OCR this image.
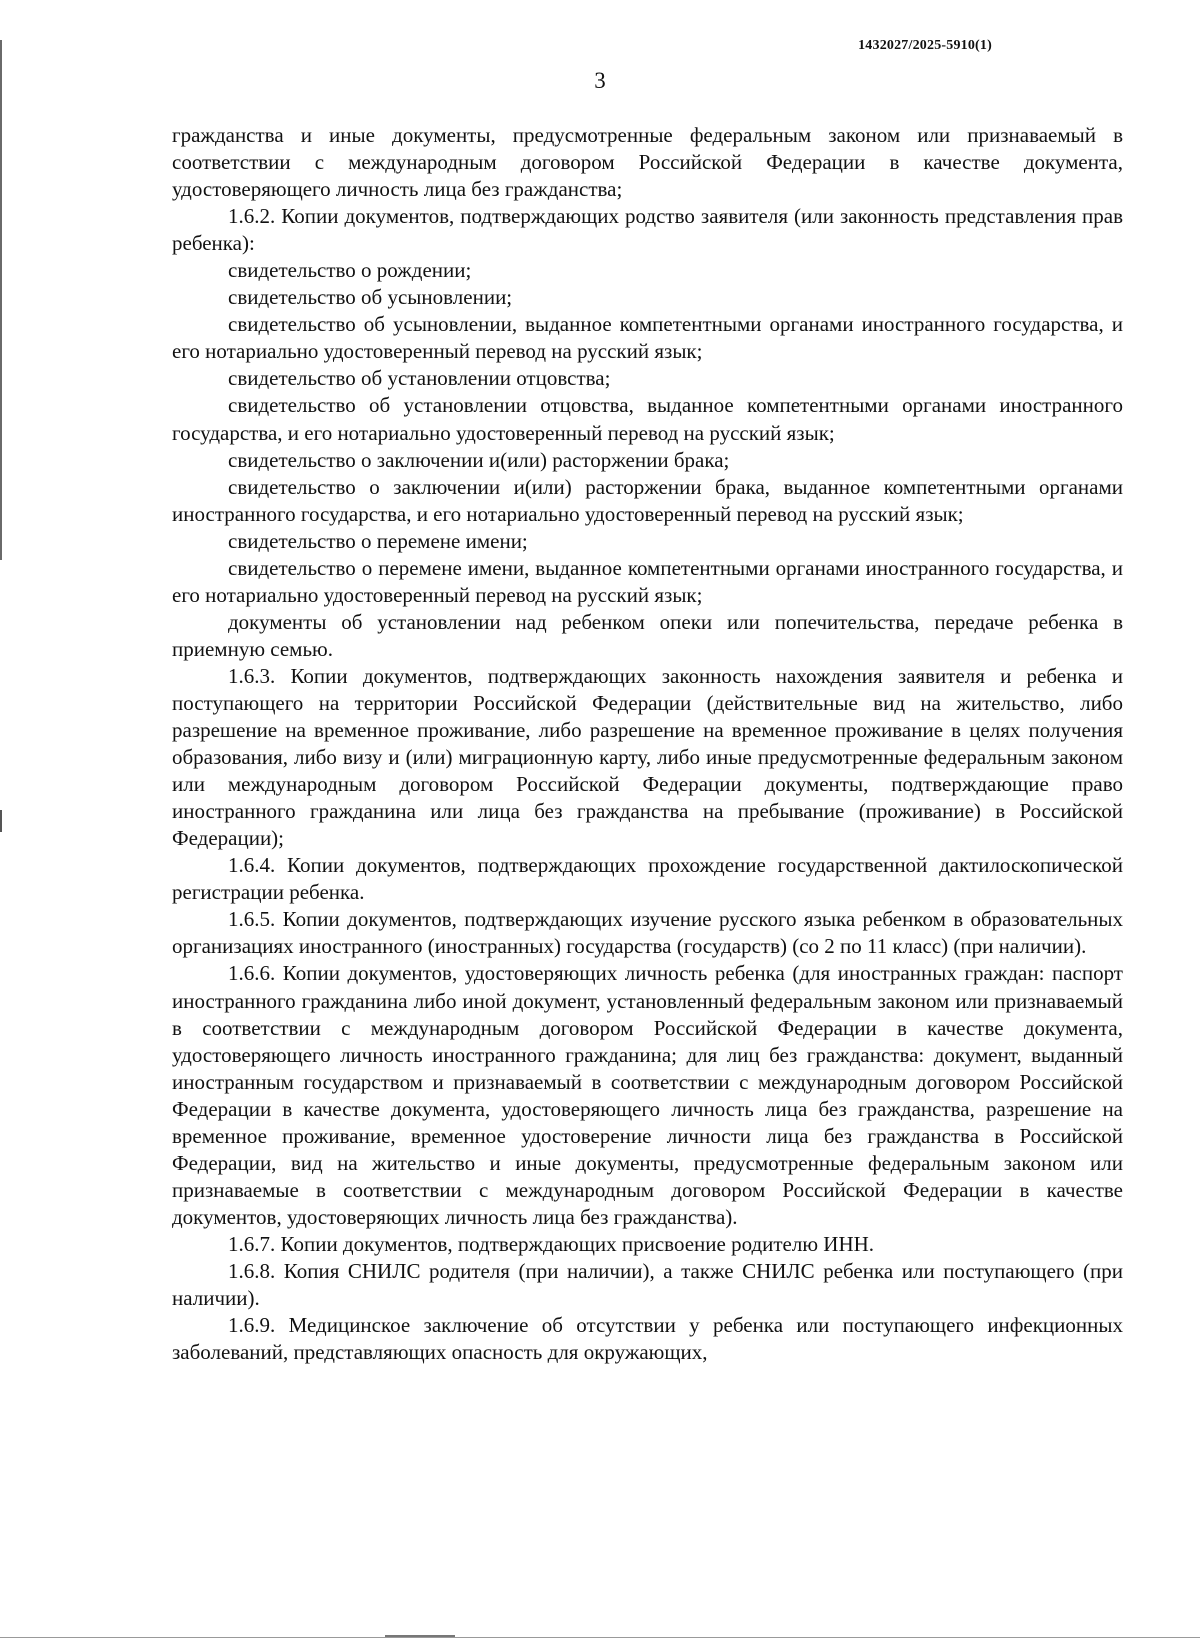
1432027/2025-5910(1)
3

гражданства и иные документы, предусмотренные федеральным законом или признаваемый в соответствии с международным договором Российской Федерации в качестве документа, удостоверяющего личность лица без гражданства;

1.6.2. Копии документов, подтверждающих родство заявителя (или законность представления прав ребенка):

свидетельство о рождении;

свидетельство об усыновлении;

свидетельство об усыновлении, выданное компетентными органами иностранного государства, и его нотариально удостоверенный перевод на русский язык;

свидетельство об установлении отцовства;

свидетельство об установлении отцовства, выданное компетентными органами иностранного государства, и его нотариально удостоверенный перевод на русский язык;

свидетельство о заключении и(или) расторжении брака;

свидетельство о заключении и(или) расторжении брака, выданное компетентными органами иностранного государства, и его нотариально удостоверенный перевод на русский язык;

свидетельство о перемене имени;

свидетельство о перемене имени, выданное компетентными органами иностранного государства, и его нотариально удостоверенный перевод на русский язык;

документы об установлении над ребенком опеки или попечительства, передаче ребенка в приемную семью.

1.6.3. Копии документов, подтверждающих законность нахождения заявителя и ребенка и поступающего на территории Российской Федерации (действительные вид на жительство, либо разрешение на временное проживание, либо разрешение на временное проживание в целях получения образования, либо визу и (или) миграционную карту, либо иные предусмотренные федеральным законом или международным договором Российской Федерации документы, подтверждающие право иностранного гражданина или лица без гражданства на пребывание (проживание) в Российской Федерации);

1.6.4. Копии документов, подтверждающих прохождение государственной дактилоскопической регистрации ребенка.

1.6.5. Копии документов, подтверждающих изучение русского языка ребенком в образовательных организациях иностранного (иностранных) государства (государств) (со 2 по 11 класс) (при наличии).

1.6.6. Копии документов, удостоверяющих личность ребенка (для иностранных граждан: паспорт иностранного гражданина либо иной документ, установленный федеральным законом или признаваемый в соответствии с международным договором Российской Федерации в качестве документа, удостоверяющего личность иностранного гражданина; для лиц без гражданства: документ, выданный иностранным государством и признаваемый в соответствии с международным договором Российской Федерации в качестве документа, удостоверяющего личность лица без гражданства, разрешение на временное проживание, временное удостоверение личности лица без гражданства в Российской Федерации, вид на жительство и иные документы, предусмотренные федеральным законом или признаваемые в соответствии с международным договором Российской Федерации в качестве документов, удостоверяющих личность лица без гражданства).

1.6.7. Копии документов, подтверждающих присвоение родителю ИНН.

1.6.8. Копия СНИЛС родителя (при наличии), а также СНИЛС ребенка или поступающего (при наличии).

1.6.9. Медицинское заключение об отсутствии у ребенка или поступающего инфекционных заболеваний, представляющих опасность для окружающих,
